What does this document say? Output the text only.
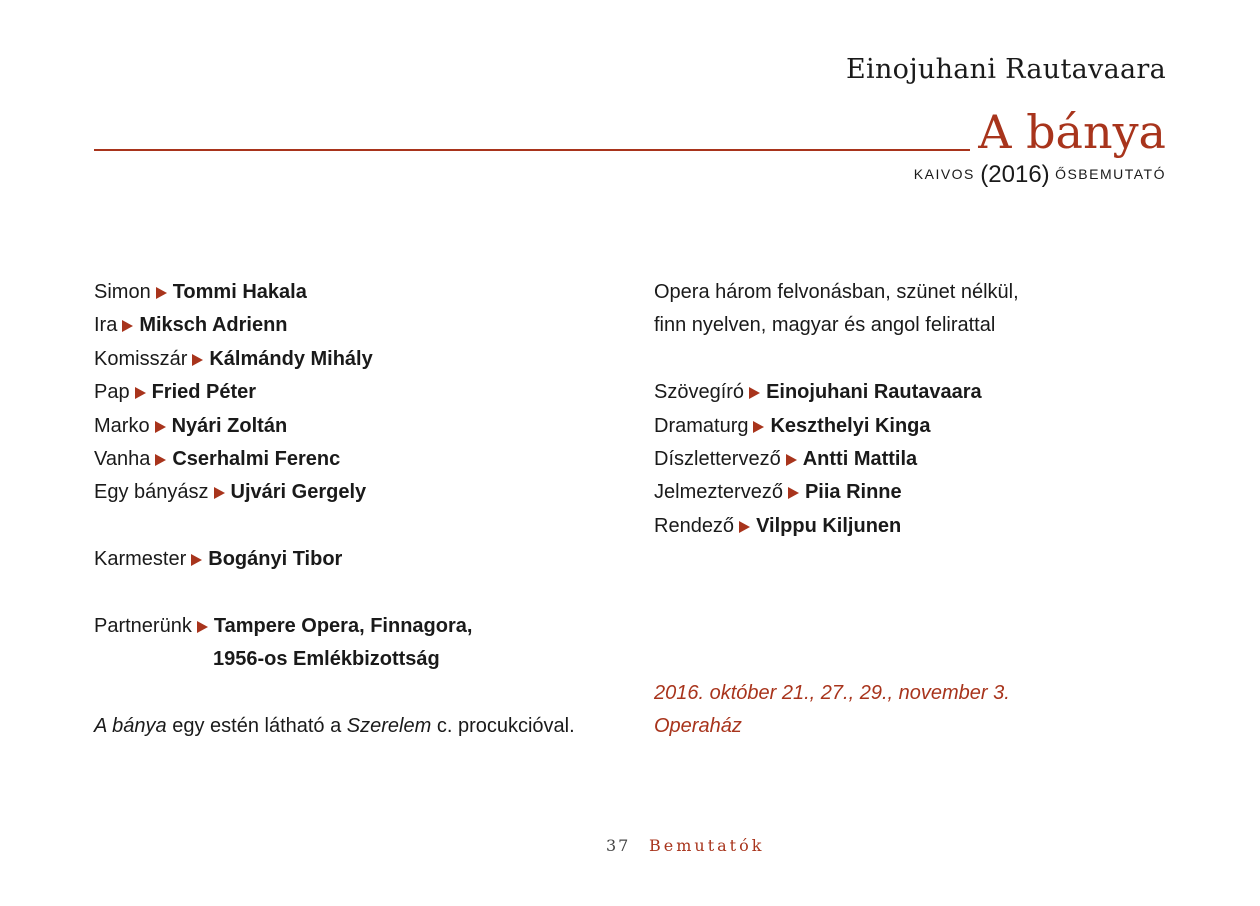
Einojuhani Rautavaara
A bánya
KAIVOS (2016) ŐSBEMUTATÓ
Simon Tommi Hakala
Ira Miksch Adrienn
Komisszár Kálmándy Mihály
Pap Fried Péter
Marko Nyári Zoltán
Vanha Cserhalmi Ferenc
Egy bányász Ujvári Gergely
Karmester Bogányi Tibor
Partnerünk Tampere Opera, Finnagora,
1956-os Emlékbizottság
A bánya egy estén látható a Szerelem c. procukcióval.
Opera három felvonásban, szünet nélkül,
finn nyelven, magyar és angol felirattal
Szövegíró Einojuhani Rautavaara
Dramaturg Keszthelyi Kinga
Díszlettervező Antti Mattila
Jelmeztervező Piia Rinne
Rendező Vilppu Kiljunen
2016. október 21., 27., 29., november 3.
Operaház
37 Bemutatók
